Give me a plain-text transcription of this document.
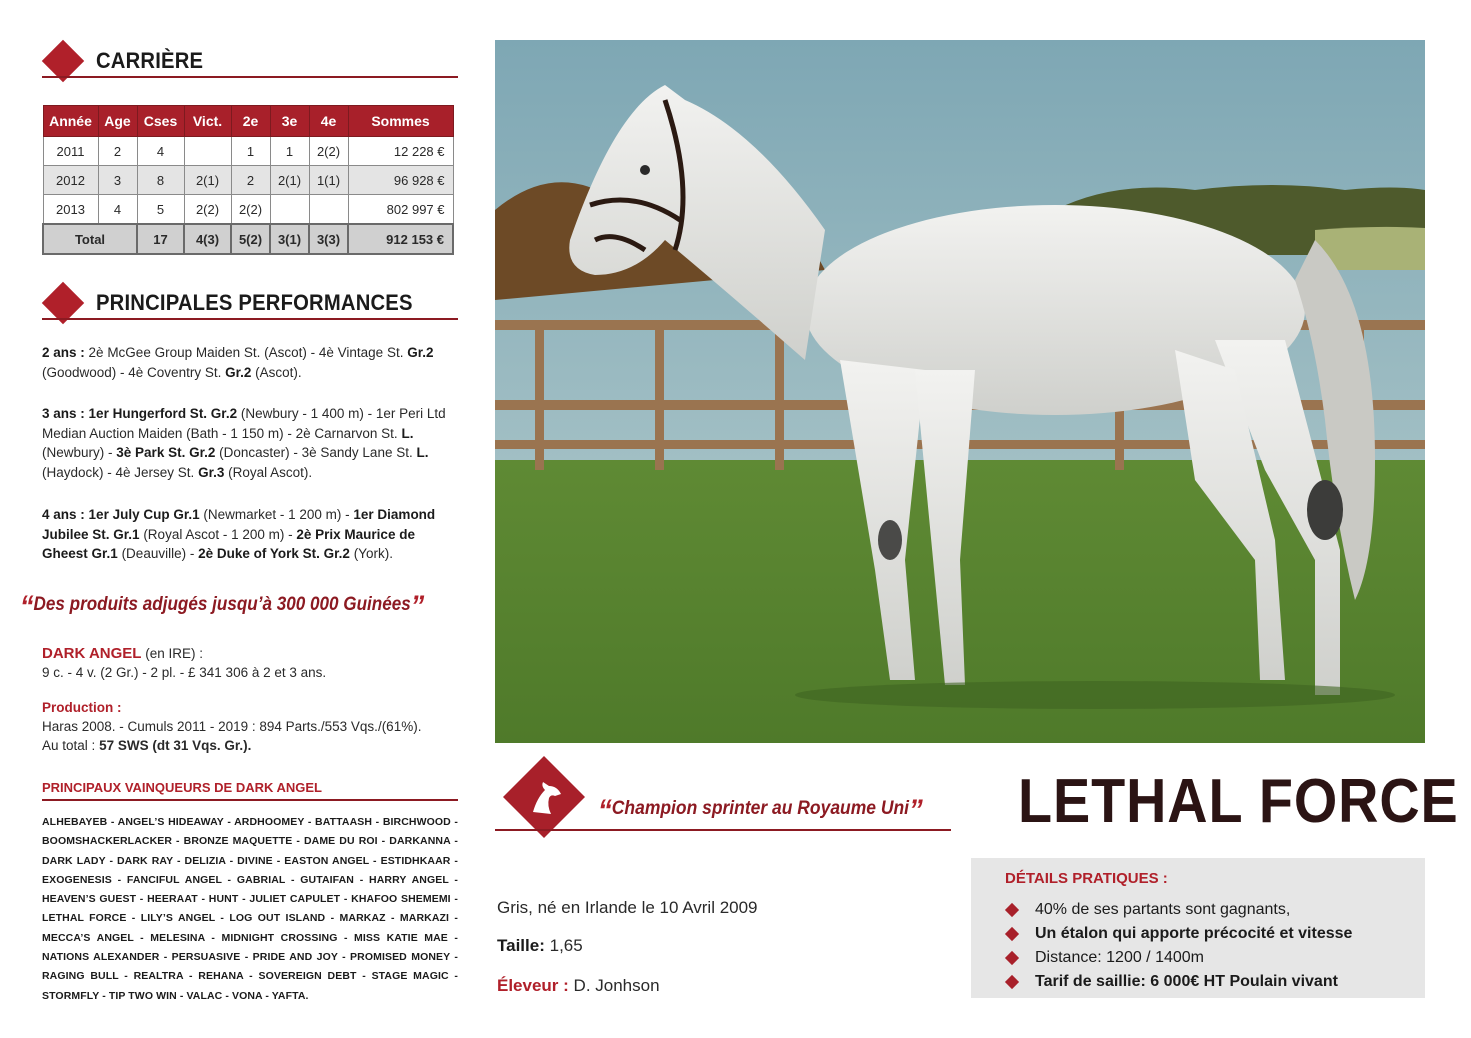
CARRIÈRE
Année	Age	Cses	Vict.	2e	3e	4e	Sommes
2011	2	4		1	1	2(2)	12 228 €
2012	3	8	2(1)	2	2(1)	1(1)	96 928 €
2013	4	5	2(2)	2(2)			802 997 €
Total		17	4(3)	5(2)	3(1)	3(3)	912 153 €
PRINCIPALES PERFORMANCES
2 ans : 2è McGee Group Maiden St. (Ascot) - 4è Vintage St. Gr.2 (Goodwood) - 4è Coventry St. Gr.2 (Ascot).
3 ans : 1er Hungerford St. Gr.2 (Newbury - 1 400 m) - 1er Peri Ltd Median Auction Maiden (Bath - 1 150 m) - 2è Carnarvon St. L. (Newbury) - 3è Park St. Gr.2 (Doncaster) - 3è Sandy Lane St. L. (Haydock) - 4è Jersey St. Gr.3 (Royal Ascot).
4 ans : 1er July Cup Gr.1 (Newmarket - 1 200 m) - 1er Diamond Jubilee St. Gr.1 (Royal Ascot - 1 200 m) - 2è Prix Maurice de Gheest Gr.1 (Deauville) - 2è Duke of York St. Gr.2 (York).
“Des produits adjugés jusqu’à 300 000 Guinées”
DARK ANGEL (en IRE) :
9 c. - 4 v. (2 Gr.) - 2 pl. - £ 341 306 à 2 et 3 ans.
Production :
Haras 2008. - Cumuls 2011 - 2019 : 894 Parts./553 Vqs./(61%).
Au total : 57 SWS (dt 31 Vqs. Gr.).
PRINCIPAUX VAINQUEURS DE DARK ANGEL
ALHEBAYEB - ANGEL’S HIDEAWAY - ARDHOOMEY - BATTAASH - BIRCHWOOD - BOOMSHACKERLACKER - BRONZE MAQUETTE - DAME DU ROI - DARKANNA - DARK LADY - DARK RAY - DELIZIA - DIVINE - EASTON ANGEL - ESTIDHKAAR - EXOGENESIS - FANCIFUL ANGEL - GABRIAL - GUTAIFAN - HARRY ANGEL - HEAVEN’S GUEST - HEERAAT - HUNT - JULIET CAPULET - KHAFOO SHEMEMI - LETHAL FORCE - LILY’S ANGEL - LOG OUT ISLAND - MARKAZ - MARKAZI - MECCA’S ANGEL - MELESINA - MIDNIGHT CROSSING - MISS KATIE MAE - NATIONS ALEXANDER - PERSUASIVE - PRIDE AND JOY - PROMISED MONEY - RAGING BULL - REALTRA - REHANA - SOVEREIGN DEBT - STAGE MAGIC - STORMFLY - TIP TWO WIN - VALAC - VONA - YAFTA.
“Champion sprinter au Royaume Uni” LETHAL FORCE
Gris, né en Irlande le 10 Avril 2009
Taille: 1,65
Éleveur : D. Jonhson
DÉTAILS PRATIQUES :
40% de ses partants sont gagnants,
Un étalon qui apporte précocité et vitesse
Distance: 1200 / 1400m
Tarif de saillie: 6 000€ HT Poulain vivant
